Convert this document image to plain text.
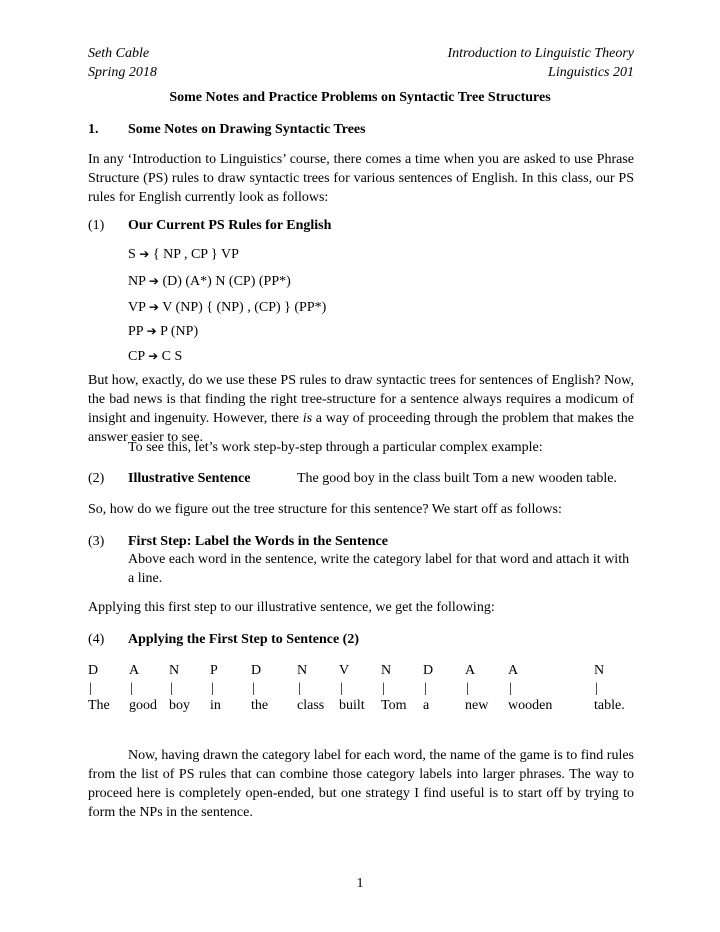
Seth Cable
Spring 2018
Introduction to Linguistic Theory
Linguistics 201
Some Notes and Practice Problems on Syntactic Tree Structures
1. Some Notes on Drawing Syntactic Trees
In any ‘Introduction to Linguistics’ course, there comes a time when you are asked to use Phrase Structure (PS) rules to draw syntactic trees for various sentences of English. In this class, our PS rules for English currently look as follows:
(1) Our Current PS Rules for English
S ➔ { NP , CP } VP
NP ➔ (D) (A*) N (CP) (PP*)
VP ➔ V (NP) { (NP) , (CP) } (PP*)
PP ➔ P (NP)
CP ➔ C S
But how, exactly, do we use these PS rules to draw syntactic trees for sentences of English? Now, the bad news is that finding the right tree-structure for a sentence always requires a modicum of insight and ingenuity. However, there is a way of proceeding through the problem that makes the answer easier to see.
To see this, let’s work step-by-step through a particular complex example:
(2) Illustrative Sentence	The good boy in the class built Tom a new wooden table.
So, how do we figure out the tree structure for this sentence? We start off as follows:
(3) First Step: Label the Words in the Sentence
Above each word in the sentence, write the category label for that word and attach it with a line.
Applying this first step to our illustrative sentence, we get the following:
(4) Applying the First Step to Sentence (2)
D
|
The
A
|
good
N
|
boy
P
|
in
D
|
the
N
|
class
V
|
built
N
|
Tom
D
|
a
A
|
new
A
|
wooden
N
|
table.
Now, having drawn the category label for each word, the name of the game is to find rules from the list of PS rules that can combine those category labels into larger phrases. The way to proceed here is completely open-ended, but one strategy I find useful is to start off by trying to form the NPs in the sentence.
1
